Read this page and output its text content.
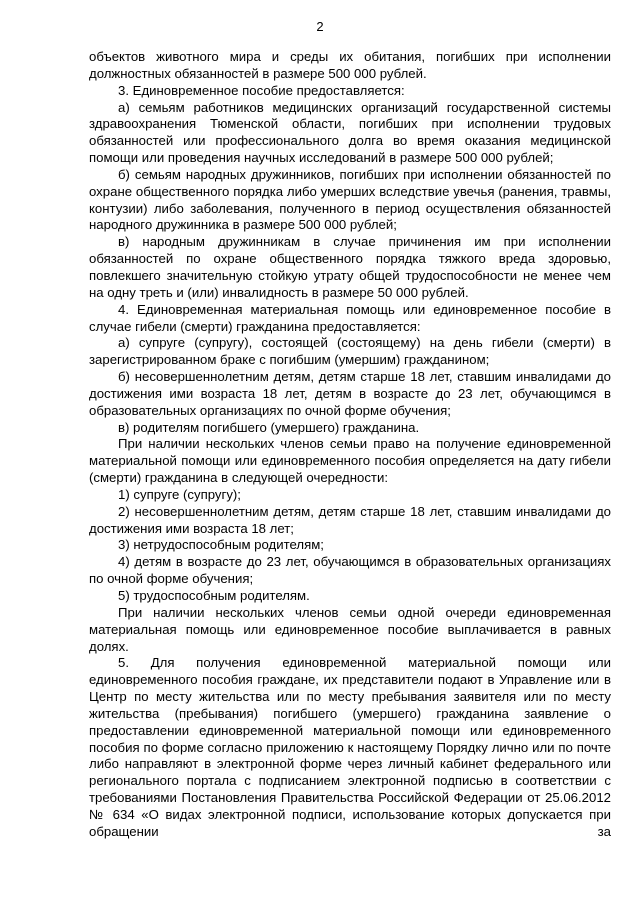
2

объектов животного мира и среды их обитания, погибших при исполнении должностных обязанностей в размере 500 000 рублей.

3. Единовременное пособие предоставляется:

а) семьям работников медицинских организаций государственной системы здравоохранения Тюменской области, погибших при исполнении трудовых обязанностей или профессионального долга во время оказания медицинской помощи или проведения научных исследований в размере 500 000 рублей;

б) семьям народных дружинников, погибших при исполнении обязанностей по охране общественного порядка либо умерших вследствие увечья (ранения, травмы, контузии) либо заболевания, полученного в период осуществления обязанностей народного дружинника в размере 500 000 рублей;

в) народным дружинникам в случае причинения им при исполнении обязанностей по охране общественного порядка тяжкого вреда здоровью, повлекшего значительную стойкую утрату общей трудоспособности не менее чем на одну треть и (или) инвалидность в размере 50 000 рублей.

4. Единовременная материальная помощь или единовременное пособие в случае гибели (смерти) гражданина предоставляется:

а) супругe (супругу), состоящей (состоящему) на день гибели (смерти) в зарегистрированном браке с погибшим (умершим) гражданином;

б) несовершеннолетним детям, детям старше 18 лет, ставшим инвалидами до достижения ими возраста 18 лет, детям в возрасте до 23 лет, обучающимся в образовательных организациях по очной форме обучения;

в) родителям погибшего (умершего) гражданина.

При наличии нескольких членов семьи право на получение единовременной материальной помощи или единовременного пособия определяется на дату гибели (смерти) гражданина в следующей очередности:

1) супруге (супругу);

2) несовершеннолетним детям, детям старше 18 лет, ставшим инвалидами до достижения ими возраста 18 лет;

3) нетрудоспособным родителям;

4) детям в возрасте до 23 лет, обучающимся в образовательных организациях по очной форме обучения;

5) трудоспособным родителям.

При наличии нескольких членов семьи одной очереди единовременная материальная помощь или единовременное пособие выплачивается в равных долях.

5. Для получения единовременной материальной помощи или единовременного пособия граждане, их представители подают в Управление или в Центр по месту жительства или по месту пребывания заявителя или по месту жительства (пребывания) погибшего (умершего) гражданина заявление о предоставлении единовременной материальной помощи или единовременного пособия по форме согласно приложению к настоящему Порядку лично или по почте либо направляют в электронной форме через личный кабинет федерального или регионального портала с подписанием электронной подписью в соответствии с требованиями Постановления Правительства Российской Федерации от 25.06.2012 № 634 «О видах электронной подписи, использование которых допускается при обращении за
